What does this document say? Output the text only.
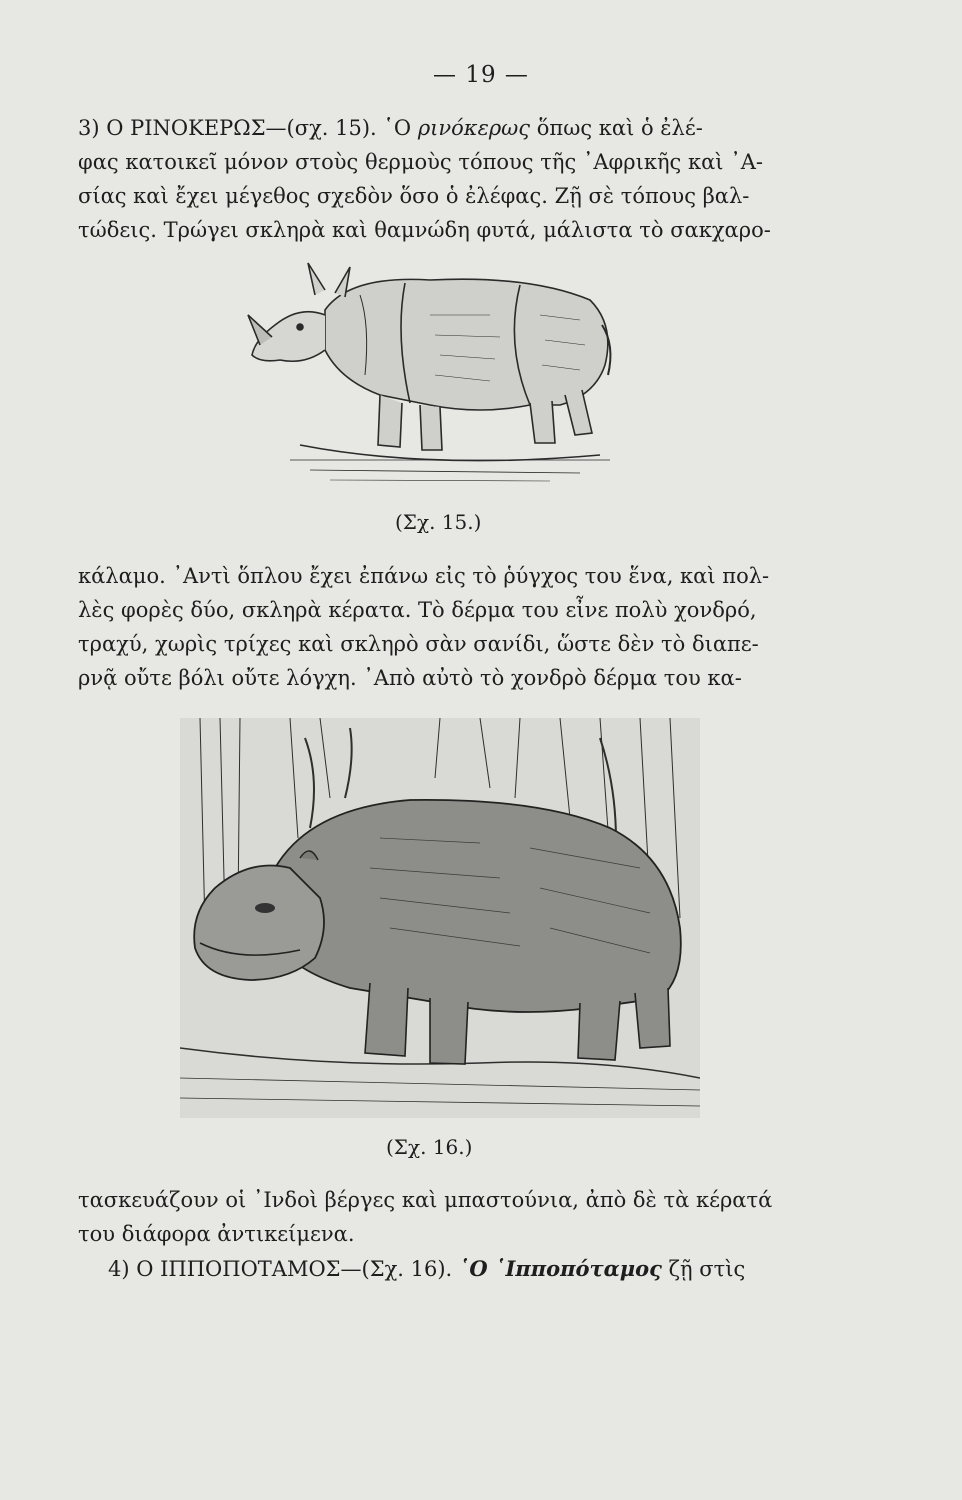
— 19 —
3) Ο ΡΙΝΟΚΕΡΩΣ—(σχ. 15). ῾Ο ρινόκερως ὅπως καὶ ὁ ἐλέ-
φας κατοικεῖ μόνον στοὺς θερμοὺς τόπους τῆς ᾿Αφρικῆς καὶ ᾿Α-
σίας καὶ ἔχει μέγεθος σχεδὸν ὅσο ὁ ἐλέφας. Ζῇ σὲ τόπους βαλ-
τώδεις. Τρώγει σκληρὰ καὶ θαμνώδη φυτά, μάλιστα τὸ σακχαρο-
(Σχ. 15.)
κάλαμο. ᾿Αντὶ ὅπλου ἔχει ἐπάνω εἰς τὸ ῥύγχος του ἕνα, καὶ πολ-
λὲς φορὲς δύο, σκληρὰ κέρατα. Τὸ δέρμα του εἶνε πολὺ χονδρό,
τραχύ, χωρὶς τρίχες καὶ σκληρὸ σὰν σανίδι, ὥστε δὲν τὸ διαπε-
ρνᾷ οὔτε βόλι οὔτε λόγχη. ᾿Απὸ αὐτὸ τὸ χονδρὸ δέρμα του κα-
(Σχ. 16.)
τασκευάζουν οἱ ᾿Ινδοὶ βέργες καὶ μπαστούνια, ἀπὸ δὲ τὰ κέρατά
του διάφορα ἀντικείμενα.
4) Ο ΙΠΠΟΠΟΤΑΜΟΣ—(Σχ. 16). ῾Ο ῾Ιπποπόταμος ζῇ στὶς
